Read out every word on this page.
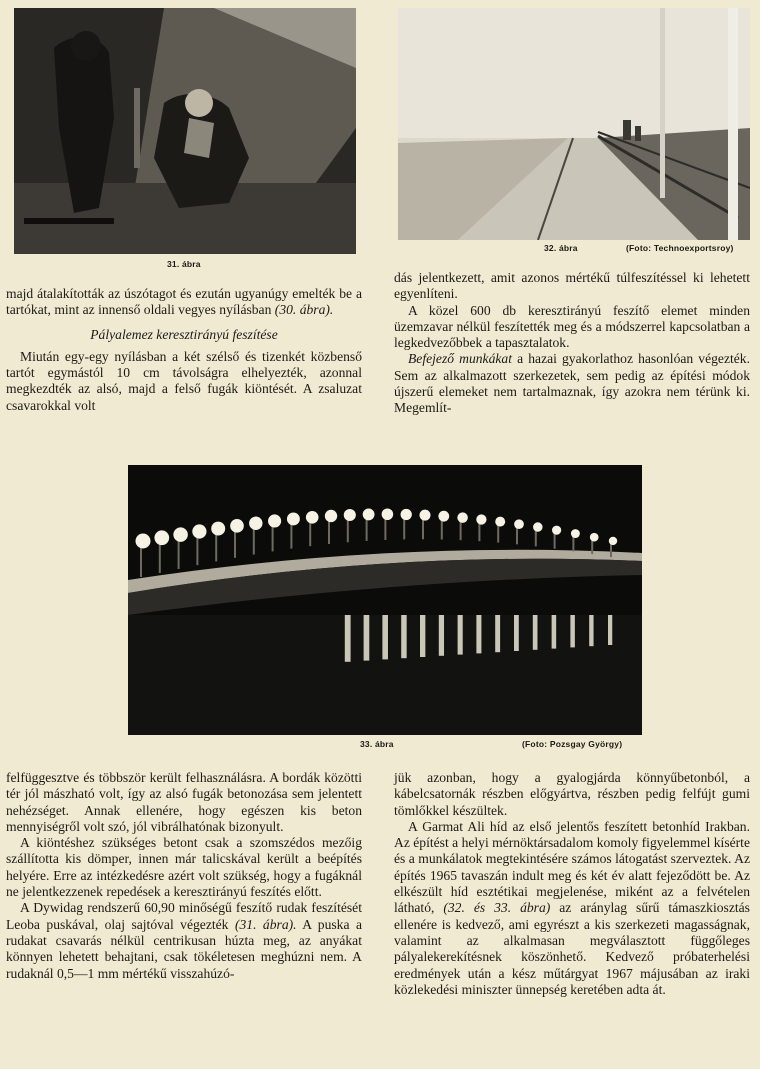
31. ábra
32. ábra	(Foto: Technoexportsroy)

majd átalakították az úszótagot és ezután ugyanúgy emelték be a tartókat, mint az innenső oldali vegyes nyílásban (30. ábra).

Pályalemez keresztirányú feszítése

Miután egy-egy nyílásban a két szélső és tizenkét közbenső tartót egymástól 10 cm távolságra elhelyezték, azonnal megkezdték az alsó, majd a felső fugák kiöntését. A zsaluzat csavarokkal volt

dás jelentkezett, amit azonos mértékű túlfeszítéssel ki lehetett egyenlíteni.

A közel 600 db keresztirányú feszítő elemet minden üzemzavar nélkül feszítették meg és a módszerrel kapcsolatban a legkedvezőbbek a tapasztalatok.

Befejező munkákat a hazai gyakorlathoz hasonlóan végezték. Sem az alkalmazott szerkezetek, sem pedig az építési módok újszerű elemeket nem tartalmaznak, így azokra nem térünk ki. Megemlít-

33. ábra	(Foto: Pozsgay György)

felfüggesztve és többször került felhasználásra. A bordák közötti tér jól mászható volt, így az alsó fugák betonozása sem jelentett nehézséget. Annak ellenére, hogy egészen kis beton mennyiségről volt szó, jól vibrálhatónak bizonyult.

A kiöntéshez szükséges betont csak a szomszédos mezőig szállította kis dömper, innen már talicskával került a beépítés helyére. Erre az intézkedésre azért volt szükség, hogy a fugáknál ne jelentkezzenek repedések a keresztirányú feszítés előtt.

A Dywidag rendszerű 60,90 minőségű feszítő rudak feszítését Leoba puskával, olaj sajtóval végezték (31. ábra). A puska a rudakat csavarás nélkül centrikusan húzta meg, az anyákat könnyen lehetett behajtani, csak tökéletesen meghúzni nem. A rudaknál 0,5—1 mm mértékű visszahúzó-

jük azonban, hogy a gyalogjárda könnyűbetonból, a kábelcsatornák részben előgyártva, részben pedig felfújt gumi tömlőkkel készültek.

A Garmat Ali híd az első jelentős feszített betonhíd Irakban. Az építést a helyi mérnöktársadalom komoly figyelemmel kísérte és a munkálatok megtekintésére számos látogatást szerveztek. Az építés 1965 tavaszán indult meg és két év alatt fejeződött be. Az elkészült híd esztétikai megjelenése, miként az a felvételen látható, (32. és 33. ábra) az aránylag sűrű támaszkiosztás ellenére is kedvező, ami egyrészt a kis szerkezeti magasságnak, valamint az alkalmasan megválasztott függőleges pályalekerekítésnek köszönhető. Kedvező próbaterhelési eredmények után a kész műtárgyat 1967 májusában az iraki közlekedési miniszter ünnepség keretében adta át.
